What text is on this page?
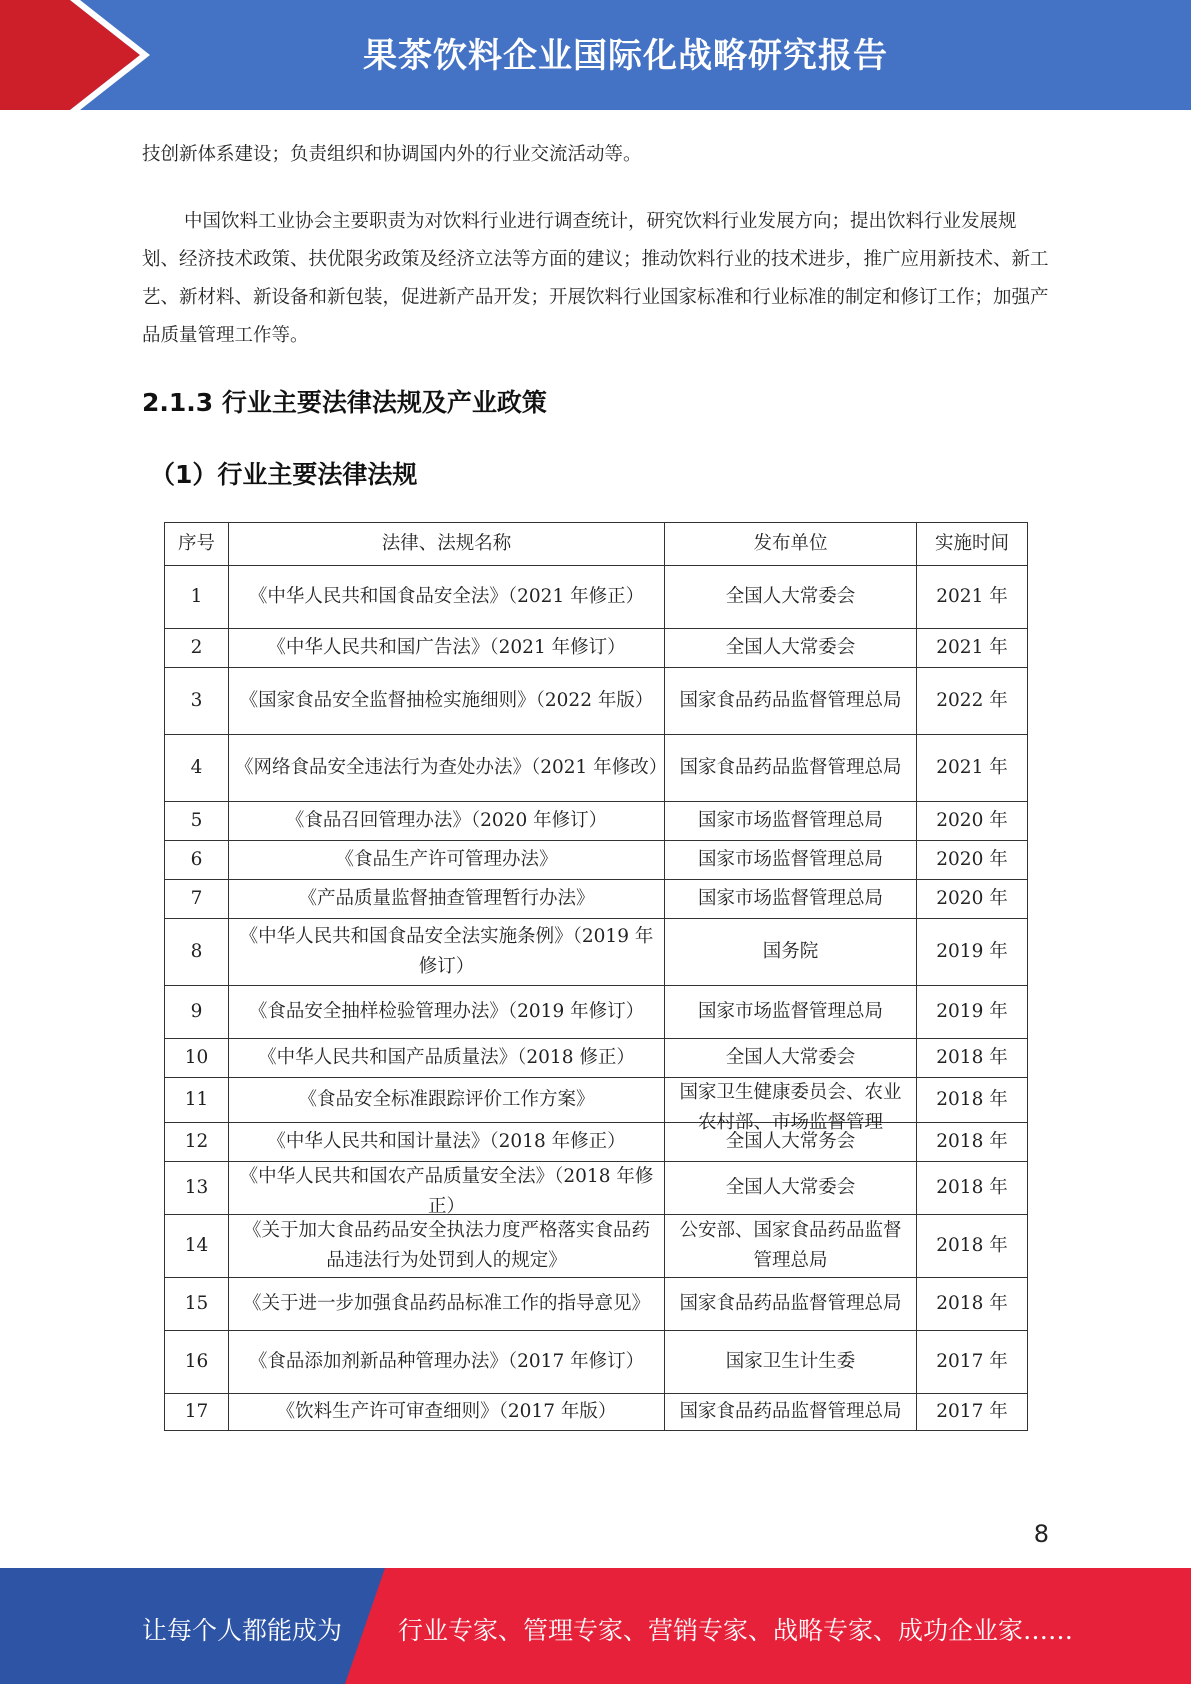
果茶饮料企业国际化战略研究报告

技创新体系建设；负责组织和协调国内外的行业交流活动等。

中国饮料工业协会主要职责为对饮料行业进行调查统计，研究饮料行业发展方向；提出饮料行业发展规划、经济技术政策、扶优限劣政策及经济立法等方面的建议；推动饮料行业的技术进步，推广应用新技术、新工艺、新材料、新设备和新包装，促进新产品开发；开展饮料行业国家标准和行业标准的制定和修订工作；加强产品质量管理工作等。

2.1.3 行业主要法律法规及产业政策
（1）行业主要法律法规
序号	法律、法规名称	发布单位	实施时间

1	《中华人民共和国食品安全法》（2021 年修正）	全国人大常委会	2021 年

2	《中华人民共和国广告法》（2021 年修订）	全国人大常委会	2021 年

3	《国家食品安全监督抽检实施细则》（2022 年版）	国家食品药品监督管理总局	2022 年

4	《网络食品安全违法行为查处办法》（2021 年修改）	国家食品药品监督管理总局	2021 年

5	《食品召回管理办法》（2020 年修订）	国家市场监督管理总局	2020 年

6	《食品生产许可管理办法》	国家市场监督管理总局	2020 年

7	《产品质量监督抽查管理暂行办法》	国家市场监督管理总局	2020 年

8	《中华人民共和国食品安全法实施条例》（2019 年修订）	国务院	2019 年

9	《食品安全抽样检验管理办法》（2019 年修订）	国家市场监督管理总局	2019 年

10	《中华人民共和国产品质量法》（2018 修正）	全国人大常委会	2018 年

11	《食品安全标准跟踪评价工作方案》	国家卫生健康委员会、农业农村部、市场监督管理	2018 年

12	《中华人民共和国计量法》（2018 年修正）	全国人大常务会	2018 年

13	《中华人民共和国农产品质量安全法》（2018 年修正）	全国人大常委会	2018 年

14	《关于加大食品药品安全执法力度严格落实食品药品违法行为处罚到人的规定》	公安部、国家食品药品监督管理总局	2018 年

15	《关于进一步加强食品药品标准工作的指导意见》	国家食品药品监督管理总局	2018 年

16	《食品添加剂新品种管理办法》（2017 年修订）	国家卫生计生委	2017 年

17	《饮料生产许可审查细则》（2017 年版）	国家食品药品监督管理总局	2017 年
8
让每个人都能成为 行业专家、管理专家、营销专家、战略专家、成功企业家……
